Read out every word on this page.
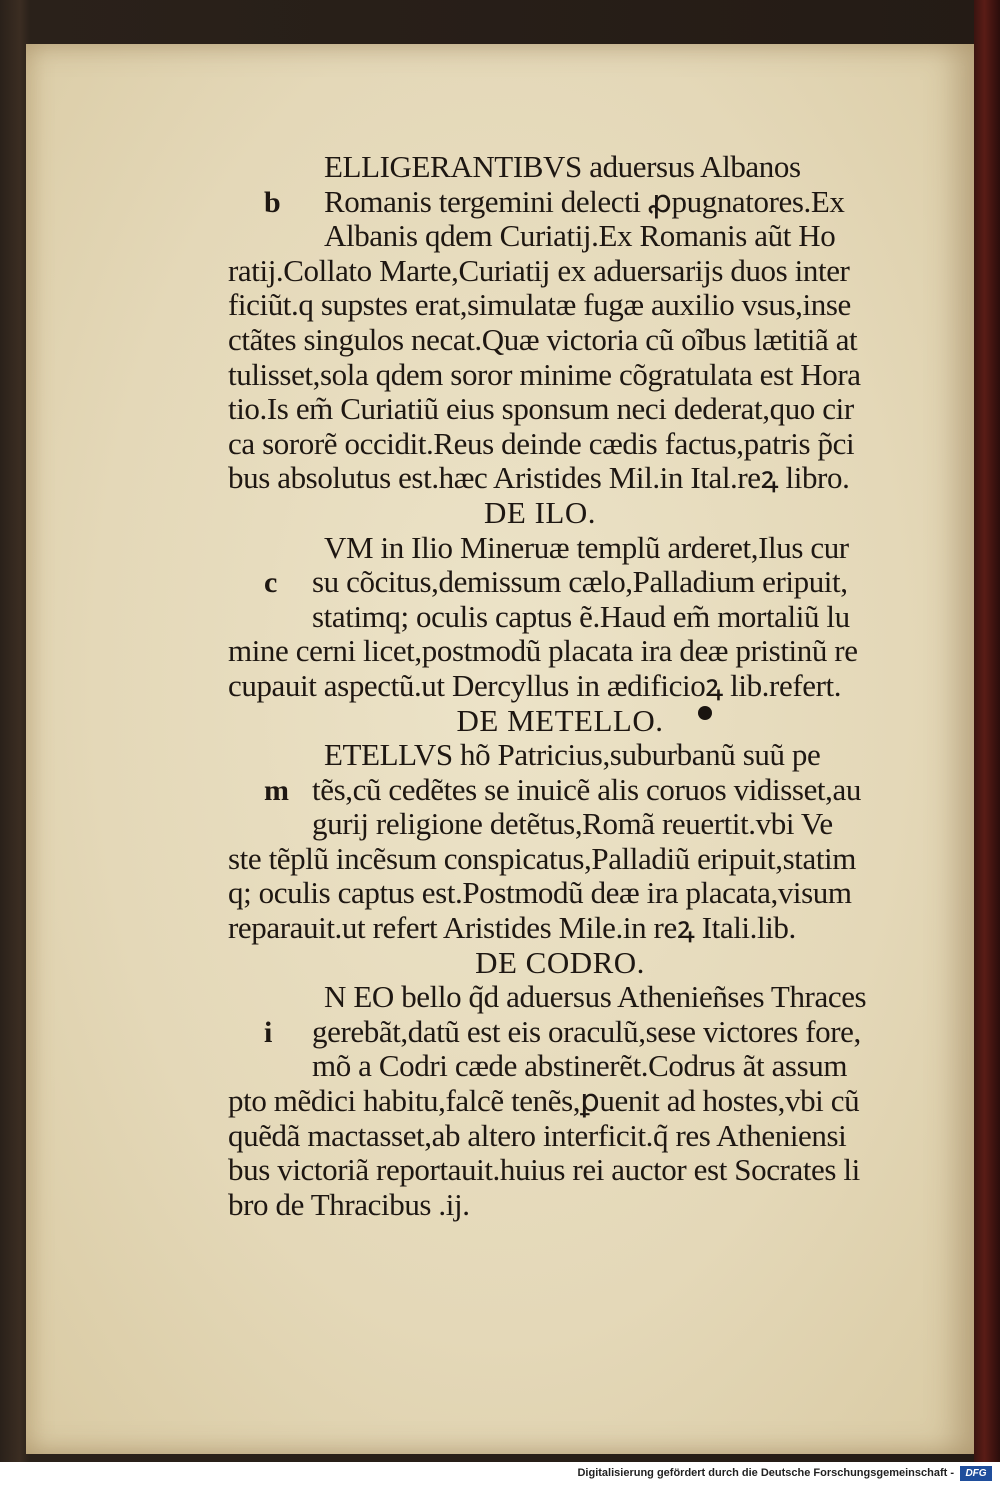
ELLIGERANTIBVS aduersus Albanos
Romanis tergemini delecti ꝓpugnatores.Ex
Albanis qdem Curiatij.Ex Romanis aũt Ho
ratij.Collato Marte,Curiatij ex aduersarijs duos inter
ficiũt.q supstes erat,simulatæ fugæ auxilio vsus,inse
ctãtes singulos necat.Quæ victoria cũ oĩbus lætitiã at
tulisset,sola qdem soror minime cõgratulata est Hora
tio.Is em̃ Curiatiũ eius sponsum neci dederat,quo cir
ca sororẽ occidit.Reus deinde cædis factus,patris p̃ci
bus absolutus est.hæc Aristides Mil.in Ital.reꝝ libro.
DE ILO.
VM in Ilio Mineruæ templũ arderet,Ilus cur
su cõcitus,demissum cælo,Palladium eripuit,
statimq; oculis captus ẽ.Haud em̃ mortaliũ lu
mine cerni licet,postmodũ placata ira deæ pristinũ re
cupauit aspectũ.ut Dercyllus in ædificioꝝ lib.refert.
DE METELLO.
ETELLVS hõ Patricius,suburbanũ suũ pe
tẽs,cũ cedẽtes se inuicẽ alis coruos vidisset,au
gurij religione detẽtus,Romã reuertit.vbi Ve
ste tẽplũ incẽsum conspicatus,Palladiũ eripuit,statim
q; oculis captus est.Postmodũ deæ ira placata,visum
reparauit.ut refert Aristides Mile.in reꝝ Itali.lib.
DE CODRO.
N EO bello q̃d aduersus Athenieñses Thraces
gerebãt,datũ est eis oraculũ,sese victores fore,
mõ a Codri cæde abstinerẽt.Codrus ãt assum
pto mẽdici habitu,falcẽ tenẽs,ꝑuenit ad hostes,vbi cũ
quẽdã mactasset,ab altero interficit.q̃ res Atheniensi
bus victoriã reportauit.huius rei auctor est Socrates li
bro de Thracibus .ij.
b
c
m
i
Digitalisierung gefördert durch die Deutsche Forschungsgemeinschaft -	DFG
